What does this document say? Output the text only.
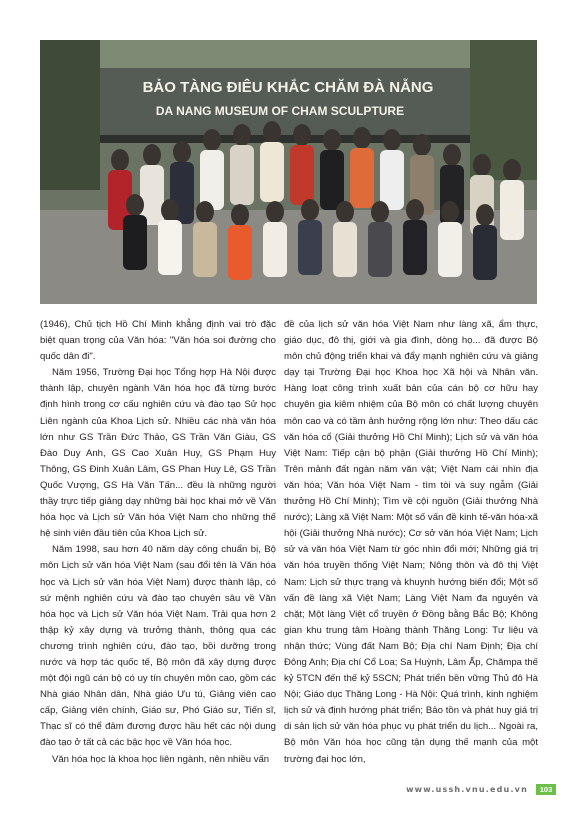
BẢO TÀNG ĐIÊU KHẮC CHĂM ĐÀ NẴNG
DA NANG MUSEUM OF CHAM SCULPTURE

(1946), Chủ tịch Hồ Chí Minh khẳng định vai trò đặc biệt quan trọng của Văn hóa: "Văn hóa soi đường cho quốc dân đi".

Năm 1956, Trường Đại học Tổng hợp Hà Nội được thành lập, chuyên ngành Văn hóa học đã từng bước định hình trong cơ cấu nghiên cứu và đào tạo Sử học Liên ngành của Khoa Lịch sử. Nhiều các nhà văn hóa lớn như GS Trần Đức Thảo, GS Trần Văn Giàu, GS Đào Duy Anh, GS Cao Xuân Huy, GS Phạm Huy Thông, GS Đinh Xuân Lâm, GS Phan Huy Lê, GS Trần Quốc Vượng, GS Hà Văn Tấn... đều là những người thầy trực tiếp giảng dạy những bài học khai mở về Văn hóa học và Lịch sử Văn hóa Việt Nam cho những thế hệ sinh viên đầu tiên của Khoa Lịch sử.

Năm 1998, sau hơn 40 năm dày công chuẩn bị, Bộ môn Lịch sử văn hóa Việt Nam (sau đổi tên là Văn hóa học và Lịch sử văn hóa Việt Nam) được thành lập, có sứ mệnh nghiên cứu và đào tạo chuyên sâu về Văn hóa học và Lịch sử Văn hóa Việt Nam. Trải qua hơn 2 thập kỷ xây dựng và trưởng thành, thông qua các chương trình nghiên cứu, đào tạo, bồi dưỡng trong nước và hợp tác quốc tế, Bộ môn đã xây dựng được một đội ngũ cán bộ có uy tín chuyên môn cao, gồm các Nhà giáo Nhân dân, Nhà giáo Ưu tú, Giảng viên cao cấp, Giảng viên chính, Giáo sư, Phó Giáo sư, Tiến sĩ, Thạc sĩ có thể đảm đương được hầu hết các nội dung đào tạo ở tất cả các bậc học về Văn hóa học.

Văn hóa học là khoa học liên ngành, nên nhiều vấn

đề của lịch sử văn hóa Việt Nam như làng xã, ẩm thực, giáo dục, đô thị, giới và gia đình, dòng họ... đã được Bộ môn chủ động triển khai và đẩy mạnh nghiên cứu và giảng dạy tại Trường Đại học Khoa học Xã hội và Nhân văn. Hàng loạt công trình xuất bản của cán bộ cơ hữu hay chuyên gia kiêm nhiệm của Bộ môn có chất lượng chuyên môn cao và có tầm ảnh hưởng rộng lớn như: Theo dấu các văn hóa cổ (Giải thưởng Hồ Chí Minh); Lịch sử và văn hóa Việt Nam: Tiếp cận bộ phận (Giải thưởng Hồ Chí Minh); Trên mảnh đất ngàn năm văn vật; Việt Nam cái nhìn địa văn hóa; Văn hóa Việt Nam - tìm tòi và suy ngẫm (Giải thưởng Hồ Chí Minh); Tìm về cội nguồn (Giải thưởng Nhà nước); Làng xã Việt Nam: Một số vấn đề kinh tế-văn hóa-xã hội (Giải thưởng Nhà nước); Cơ sở văn hóa Việt Nam; Lịch sử và văn hóa Việt Nam từ góc nhìn đổi mới; Những giá trị văn hóa truyền thống Việt Nam; Nông thôn và đô thị Việt Nam: Lịch sử thực trạng và khuynh hướng biến đổi; Một số vấn đề làng xã Việt Nam; Làng Việt Nam đa nguyên và chặt; Một làng Việt cổ truyền ở Đồng bằng Bắc Bộ; Không gian khu trung tâm Hoàng thành Thăng Long: Tư liệu và nhận thức; Vùng đất Nam Bộ; Địa chí Nam Định; Địa chí Đông Anh; Địa chí Cổ Loa; Sa Huỳnh, Lâm Ấp, Chămpa thế kỷ 5TCN đến thế kỷ 5SCN; Phát triển bền vững Thủ đô Hà Nội; Giáo dục Thăng Long - Hà Nội: Quá trình, kinh nghiệm lịch sử và định hướng phát triển; Bảo tồn và phát huy giá trị di sản lịch sử văn hóa phục vụ phát triển du lịch... Ngoài ra, Bộ môn Văn hóa học cũng tận dụng thế mạnh của một trường đại học lớn,

www.ussh.vnu.edu.vn	103
